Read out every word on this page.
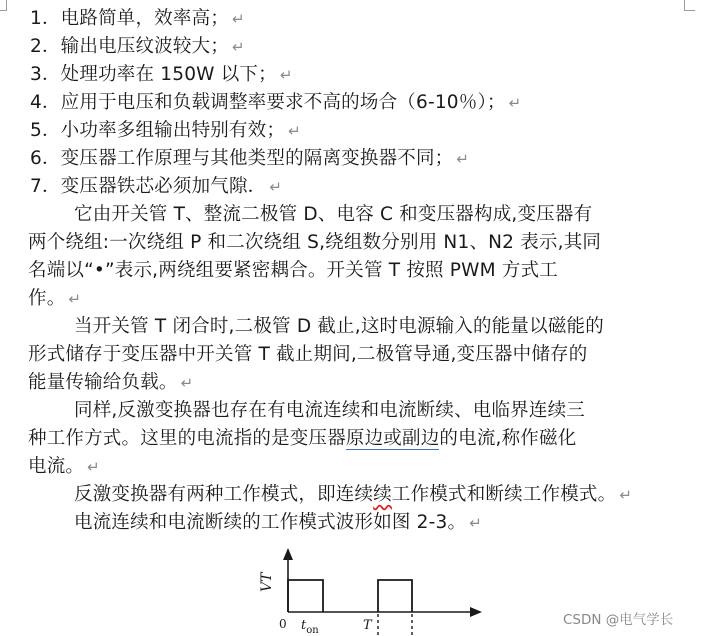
1．电路简单，效率高； ↵
2．输出电压纹波较大； ↵
3．处理功率在 150W 以下； ↵
4．应用于电压和负载调整率要求不高的场合（6-10％）； ↵
5．小功率多组输出特别有效； ↵
6．变压器工作原理与其他类型的隔离变换器不同； ↵
7．变压器铁芯必须加气隙． ↵
它由开关管 T、整流二极管 D、电容 C 和变压器构成,变压器有
两个绕组:一次绕组 P 和二次绕组 S,绕组数分别用 N1、N2 表示,其同
名端以“•”表示,两绕组要紧密耦合。开关管 T 按照 PWM 方式工
作。 ↵
当开关管 T 闭合时,二极管 D 截止,这时电源输入的能量以磁能的
形式储存于变压器中开关管 T 截止期间,二极管导通,变压器中储存的
能量传输给负载。 ↵
同样,反激变换器也存在有电流连续和电流断续、电临界连续三
种工作方式。这里的电流指的是变压器原边或副边的电流,称作磁化
电流。 ↵
反激变换器有两种工作模式，即连续续工作模式和断续工作模式。 ↵
电流连续和电流断续的工作模式波形如图 2-3。 ↵
VT
0 $t_{on}$	T	CSDN @电气学长
